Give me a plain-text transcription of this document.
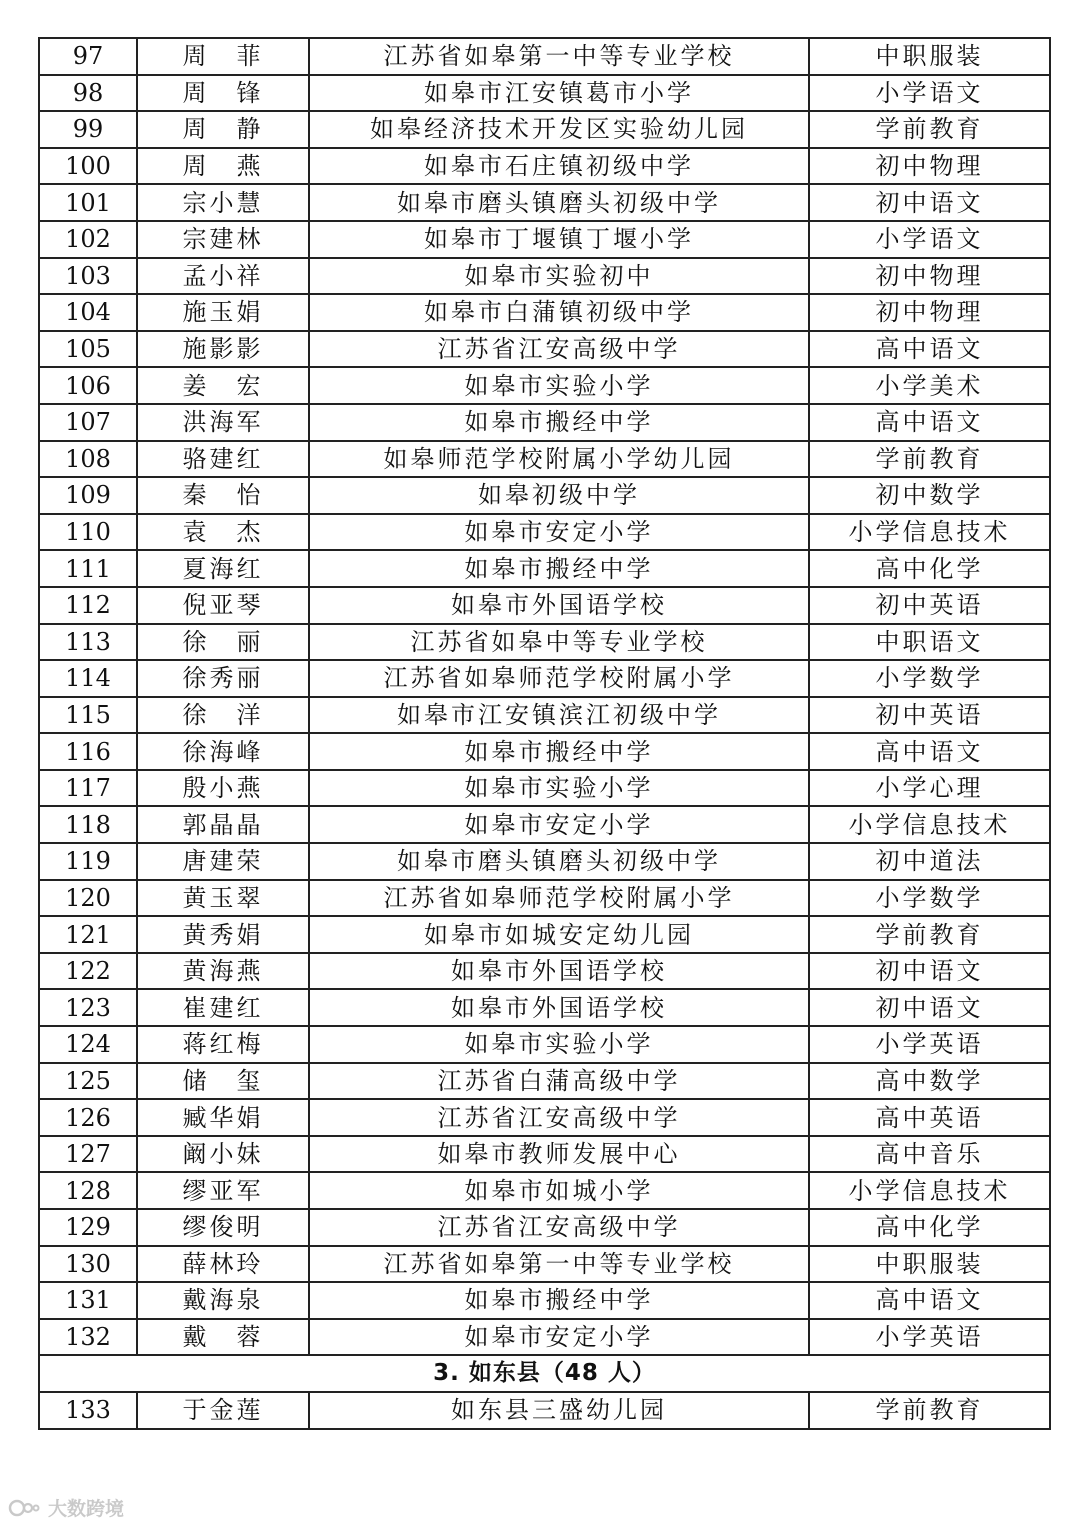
97	周　菲	江苏省如皋第一中等专业学校	中职服装
98	周　锋	如皋市江安镇葛市小学	小学语文
99	周　静	如皋经济技术开发区实验幼儿园	学前教育
100	周　燕	如皋市石庄镇初级中学	初中物理
101	宗小慧	如皋市磨头镇磨头初级中学	初中语文
102	宗建林	如皋市丁堰镇丁堰小学	小学语文
103	孟小祥	如皋市实验初中	初中物理
104	施玉娟	如皋市白蒲镇初级中学	初中物理
105	施影影	江苏省江安高级中学	高中语文
106	姜　宏	如皋市实验小学	小学美术
107	洪海军	如皋市搬经中学	高中语文
108	骆建红	如皋师范学校附属小学幼儿园	学前教育
109	秦　怡	如皋初级中学	初中数学
110	袁　杰	如皋市安定小学	小学信息技术
111	夏海红	如皋市搬经中学	高中化学
112	倪亚琴	如皋市外国语学校	初中英语
113	徐　丽	江苏省如皋中等专业学校	中职语文
114	徐秀丽	江苏省如皋师范学校附属小学	小学数学
115	徐　洋	如皋市江安镇滨江初级中学	初中英语
116	徐海峰	如皋市搬经中学	高中语文
117	殷小燕	如皋市实验小学	小学心理
118	郭晶晶	如皋市安定小学	小学信息技术
119	唐建荣	如皋市磨头镇磨头初级中学	初中道法
120	黄玉翠	江苏省如皋师范学校附属小学	小学数学
121	黄秀娟	如皋市如城安定幼儿园	学前教育
122	黄海燕	如皋市外国语学校	初中语文
123	崔建红	如皋市外国语学校	初中语文
124	蒋红梅	如皋市实验小学	小学英语
125	储　玺	江苏省白蒲高级中学	高中数学
126	臧华娟	江苏省江安高级中学	高中英语
127	阚小妹	如皋市教师发展中心	高中音乐
128	缪亚军	如皋市如城小学	小学信息技术
129	缪俊明	江苏省江安高级中学	高中化学
130	薛林玲	江苏省如皋第一中等专业学校	中职服装
131	戴海泉	如皋市搬经中学	高中语文
132	戴　蓉	如皋市安定小学	小学英语
3. 如东县（48 人）			
133	于金莲	如东县三盛幼儿园	学前教育
大数跨境
